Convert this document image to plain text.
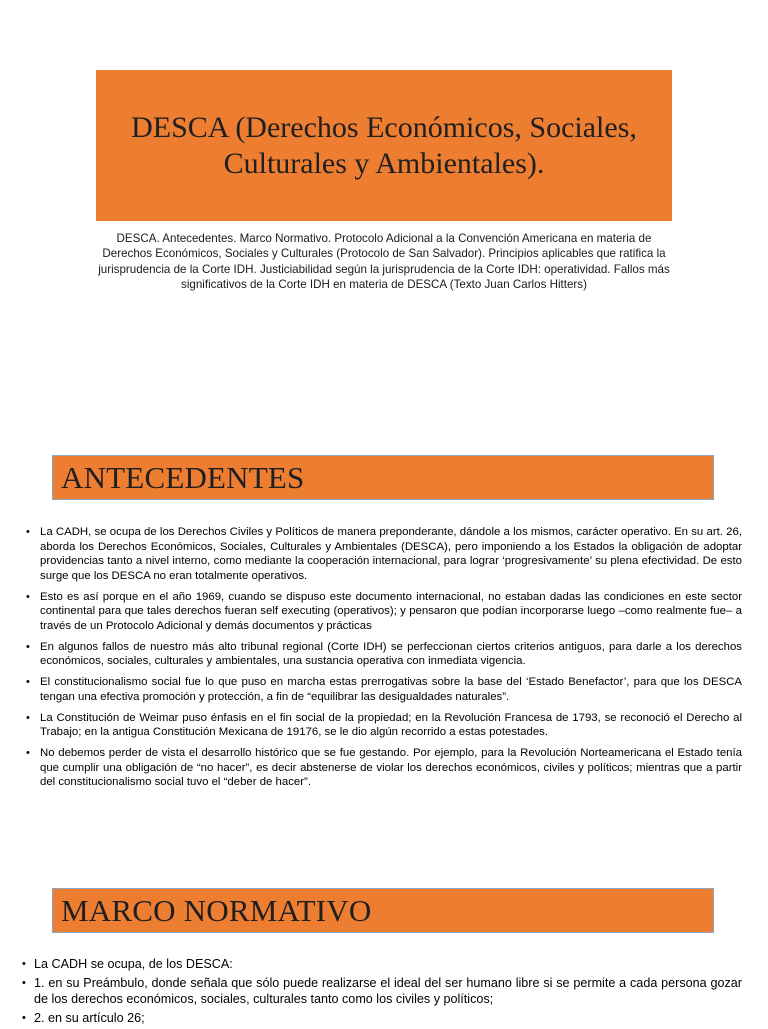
DESCA (Derechos Económicos, Sociales, Culturales y Ambientales).
DESCA. Antecedentes. Marco Normativo. Protocolo Adicional a la Convención Americana en materia de Derechos Económicos, Sociales y Culturales (Protocolo de San Salvador). Principios aplicables que ratifica la jurisprudencia de la Corte IDH. Justiciabilidad según la jurisprudencia de la Corte IDH: operatividad. Fallos más significativos de la Corte IDH en materia de DESCA (Texto Juan Carlos Hitters)
ANTECEDENTES
• La CADH, se ocupa de los Derechos Civiles y Políticos de manera preponderante, dándole a los mismos, carácter operativo. En su art. 26, aborda los Derechos Económicos, Sociales, Culturales y Ambientales (DESCA), pero imponiendo a los Estados la obligación de adoptar providencias tanto a nivel interno, como mediante la cooperación internacional, para lograr ‘progresivamente’ su plena efectividad. De esto surge que los DESCA no eran totalmente operativos.
• Esto es así porque en el año 1969, cuando se dispuso este documento internacional, no estaban dadas las condiciones en este sector continental para que tales derechos fueran self executing (operativos); y pensaron que podían incorporarse luego –como realmente fue– a través de un Protocolo Adicional y demás documentos y prácticas
• En algunos fallos de nuestro más alto tribunal regional (Corte IDH) se perfeccionan ciertos criterios antiguos, para darle a los derechos económicos, sociales, culturales y ambientales, una sustancia operativa con inmediata vigencia.
• El constitucionalismo social fue lo que puso en marcha estas prerrogativas sobre la base del ‘Estado Benefactor’, para que los DESCA tengan una efectiva promoción y protección, a fin de “equilibrar las desigualdades naturales”.
• La Constitución de Weimar puso énfasis en el fin social de la propiedad; en la Revolución Francesa de 1793, se reconoció el Derecho al Trabajo; en la antigua Constitución Mexicana de 19176, se le dio algún recorrido a estas potestades.
• No debemos perder de vista el desarrollo histórico que se fue gestando. Por ejemplo, para la Revolución Norteamericana el Estado tenía que cumplir una obligación de “no hacer”, es decir abstenerse de violar los derechos económicos, civiles y políticos; mientras que a partir del constitucionalismo social tuvo el “deber de hacer”.
MARCO NORMATIVO
• La CADH se ocupa, de los DESCA:
• 1. en su Preámbulo, donde señala que sólo puede realizarse el ideal del ser humano libre si se permite a cada persona gozar de los derechos económicos, sociales, culturales tanto como los civiles y políticos;
• 2. en su artículo 26;
